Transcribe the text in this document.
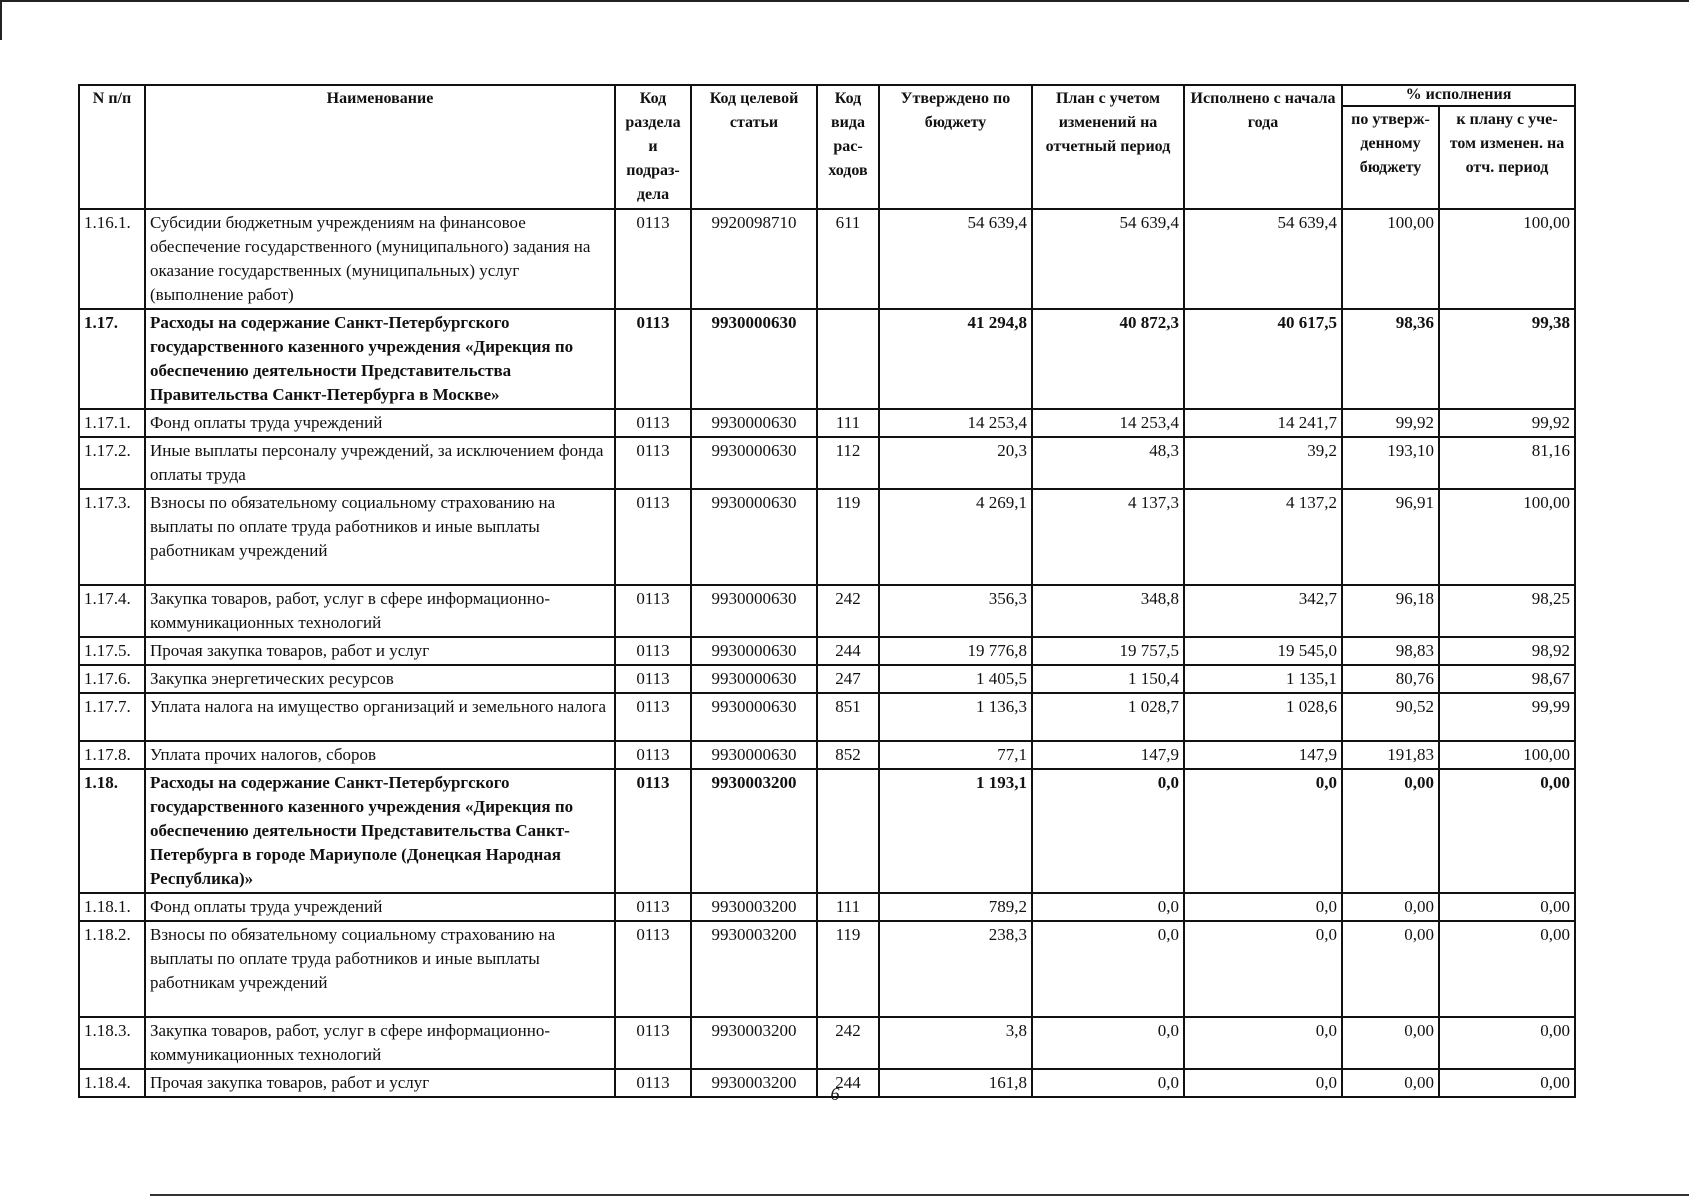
N п/п	Наименование	Код раздела и подраз-дела	Код целевой статьи	Код вида рас-ходов	Утверждено по бюджету	План с учетом изменений на отчетный период	Исполнено с начала года	% исполнения	
								по утверж-денному бюджету	к плану с уче-том изменен. на отч. период
1.16.1.	Субсидии бюджетным учреждениям на финансовое обеспечение государственного (муниципального) задания на оказание государственных (муниципальных) услуг (выполнение работ)	0113	9920098710	611	54 639,4	54 639,4	54 639,4	100,00	100,00
1.17.	Расходы на содержание Санкт-Петербургского государственного казенного учреждения «Дирекция по обеспечению деятельности Представительства Правительства Санкт-Петербурга в Москве»	0113	9930000630		41 294,8	40 872,3	40 617,5	98,36	99,38
1.17.1.	Фонд оплаты труда учреждений	0113	9930000630	111	14 253,4	14 253,4	14 241,7	99,92	99,92
1.17.2.	Иные выплаты персоналу учреждений, за исключением фонда оплаты труда	0113	9930000630	112	20,3	48,3	39,2	193,10	81,16
1.17.3.	Взносы по обязательному социальному страхованию на выплаты по оплате труда работников и иные выплаты работникам учреждений	0113	9930000630	119	4 269,1	4 137,3	4 137,2	96,91	100,00
1.17.4.	Закупка товаров, работ, услуг в сфере информационно-коммуникационных технологий	0113	9930000630	242	356,3	348,8	342,7	96,18	98,25
1.17.5.	Прочая закупка товаров, работ и услуг	0113	9930000630	244	19 776,8	19 757,5	19 545,0	98,83	98,92
1.17.6.	Закупка энергетических ресурсов	0113	9930000630	247	1 405,5	1 150,4	1 135,1	80,76	98,67
1.17.7.	Уплата налога на имущество организаций и земельного налога	0113	9930000630	851	1 136,3	1 028,7	1 028,6	90,52	99,99
1.17.8.	Уплата прочих налогов, сборов	0113	9930000630	852	77,1	147,9	147,9	191,83	100,00
1.18.	Расходы на содержание Санкт-Петербургского государственного казенного учреждения «Дирекция по обеспечению деятельности Представительства Санкт-Петербурга в городе Мариуполе (Донецкая Народная Республика)»	0113	9930003200		1 193,1	0,0	0,0	0,00	0,00
1.18.1.	Фонд оплаты труда учреждений	0113	9930003200	111	789,2	0,0	0,0	0,00	0,00
1.18.2.	Взносы по обязательному социальному страхованию на выплаты по оплате труда работников и иные выплаты работникам учреждений	0113	9930003200	119	238,3	0,0	0,0	0,00	0,00
1.18.3.	Закупка товаров, работ, услуг в сфере информационно-коммуникационных технологий	0113	9930003200	242	3,8	0,0	0,0	0,00	0,00
1.18.4.	Прочая закупка товаров, работ и услуг	0113	9930003200	244	161,8	0,0	0,0	0,00	0,00
6
